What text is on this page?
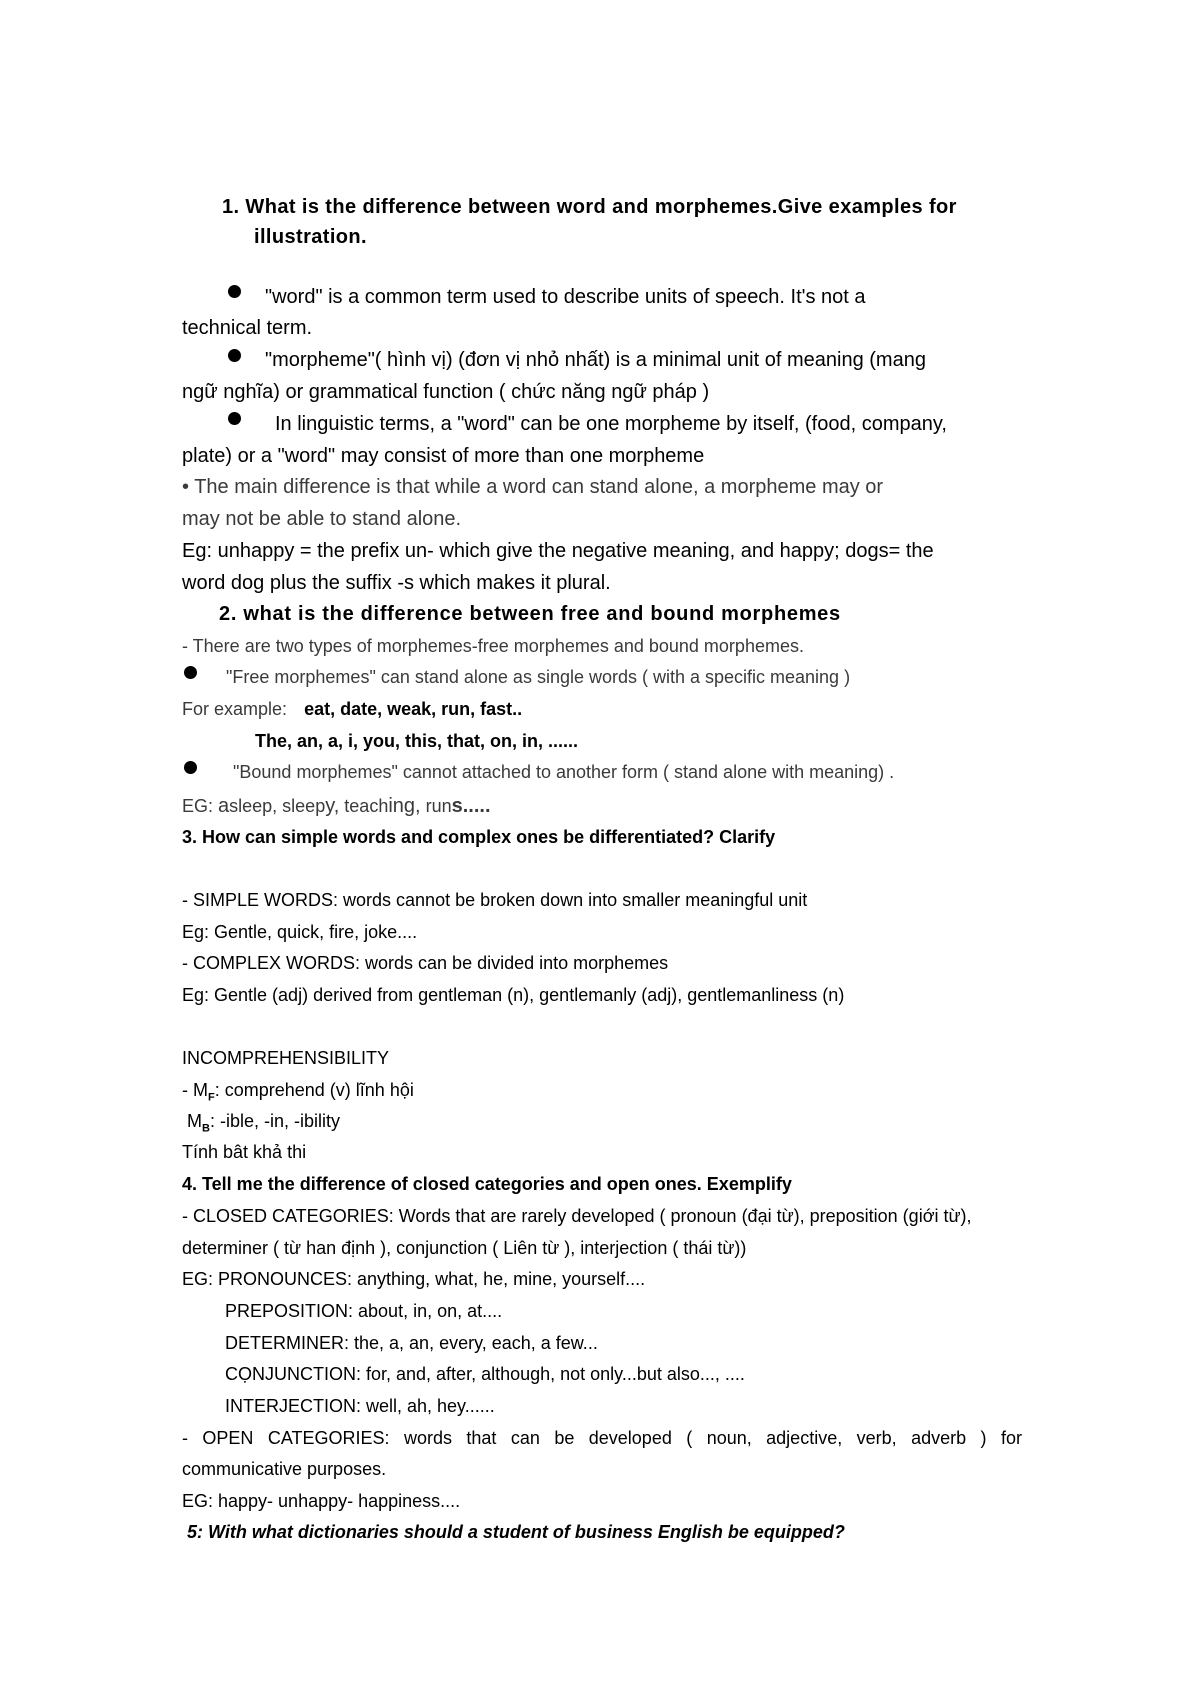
1. What is the difference between word and morphemes.Give examples for
illustration.
"word" is a common term used to describe units of speech. It's not a
technical term.
"morpheme"( hình vị) (đơn vị nhỏ nhất) is a minimal unit of meaning (mang
ngữ nghĩa) or grammatical function ( chức năng ngữ pháp )
In linguistic terms, a "word" can be one morpheme by itself, (food, company,
plate) or a "word" may consist of more than one morpheme
• The main difference is that while a word can stand alone, a morpheme may or
may not be able to stand alone.
Eg: unhappy = the prefix un- which give the negative meaning, and happy; dogs= the
word dog plus the suffix -s which makes it plural.
2. what is the difference between free and bound morphemes
- There are two types of morphemes-free morphemes and bound morphemes.
"Free morphemes" can stand alone as single words ( with a specific meaning )
For example: eat, date, weak, run, fast..
The, an, a, i, you, this, that, on, in, ......
"Bound morphemes" cannot attached to another form ( stand alone with meaning) .
EG: asleep, sleepy, teaching, runs.....
3. How can simple words and complex ones be differentiated? Clarify
- SIMPLE WORDS: words cannot be broken down into smaller meaningful unit
Eg: Gentle, quick, fire, joke....
- COMPLEX WORDS: words can be divided into morphemes
Eg: Gentle (adj) derived from gentleman (n), gentlemanly (adj), gentlemanliness (n)
INCOMPREHENSIBILITY
- $M_F$: comprehend (v) lĩnh hội
$M_B$: -ible, -in, -ibility
Tính bât khả thi
4. Tell me the difference of closed categories and open ones. Exemplify
- CLOSED CATEGORIES: Words that are rarely developed ( pronoun (đại từ), preposition (giới từ),
determiner ( từ han định ), conjunction ( Liên từ ), interjection ( thái từ))
EG: PRONOUNCES: anything, what, he, mine, yourself....
PREPOSITION: about, in, on, at....
DETERMINER: the, a, an, every, each, a few...
CỌNJUNCTION: for, and, after, although, not only...but also..., ....
INTERJECTION: well, ah, hey......
- OPEN CATEGORIES: words that can be developed ( noun, adjective, verb, adverb ) for
communicative purposes.
EG: happy- unhappy- happiness....
5: With what dictionaries should a student of business English be equipped?
